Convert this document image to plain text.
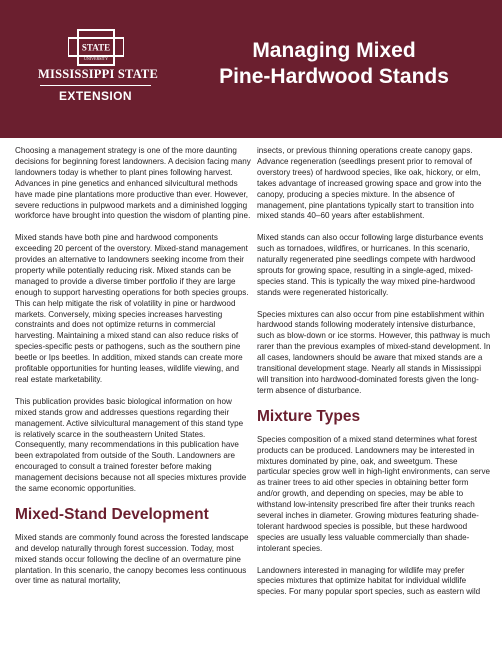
STATE
UNIVERSITY
MISSISSIPPI STATE
EXTENSION
Managing Mixed
Pine-Hardwood Stands

Choosing a management strategy is one of the more daunting decisions for beginning forest landowners. A decision facing many landowners today is whether to plant pines following harvest. Advances in pine genetics and enhanced silvicultural methods have made pine plantations more productive than ever. However, severe reductions in pulpwood markets and a diminished logging workforce have brought into question the wisdom of planting pine.

Mixed stands have both pine and hardwood components exceeding 20 percent of the overstory. Mixed-stand management provides an alternative to landowners seeking income from their property while potentially reducing risk. Mixed stands can be managed to provide a diverse timber portfolio if they are large enough to support harvesting operations for both species groups. This can help mitigate the risk of volatility in pine or hardwood markets. Conversely, mixing species increases harvesting constraints and does not optimize returns in commercial harvesting. Maintaining a mixed stand can also reduce risks of species-specific pests or pathogens, such as the southern pine beetle or Ips beetles. In addition, mixed stands can create more profitable opportunities for hunting leases, wildlife viewing, and real estate marketability.

This publication provides basic biological information on how mixed stands grow and addresses questions regarding their management. Active silvicultural management of this stand type is relatively scarce in the southeastern United States. Consequently, many recommendations in this publication have been extrapolated from outside of the South. Landowners are encouraged to consult a trained forester before making management decisions because not all species mixtures provide the same economic opportunities.

Mixed-Stand Development

Mixed stands are commonly found across the forested landscape and develop naturally through forest succession. Today, most mixed stands occur following the decline of an overmature pine plantation. In this scenario, the canopy becomes less continuous over time as natural mortality,

insects, or previous thinning operations create canopy gaps. Advance regeneration (seedlings present prior to removal of overstory trees) of hardwood species, like oak, hickory, or elm, takes advantage of increased growing space and grow into the canopy, producing a species mixture. In the absence of management, pine plantations typically start to transition into mixed stands 40–60 years after establishment.

Mixed stands can also occur following large disturbance events such as tornadoes, wildfires, or hurricanes. In this scenario, naturally regenerated pine seedlings compete with hardwood sprouts for growing space, resulting in a single-aged, mixed-species stand. This is typically the way mixed pine-hardwood stands were regenerated historically.

Species mixtures can also occur from pine establishment within hardwood stands following moderately intensive disturbance, such as blow-down or ice storms. However, this pathway is much rarer than the previous examples of mixed-stand development. In all cases, landowners should be aware that mixed stands are a transitional development stage. Nearly all stands in Mississippi will transition into hardwood-dominated forests given the long-term absence of disturbance.

Mixture Types

Species composition of a mixed stand determines what forest products can be produced. Landowners may be interested in mixtures dominated by pine, oak, and sweetgum. These particular species grow well in high-light environments, can serve as trainer trees to aid other species in obtaining better form and/or growth, and depending on species, may be able to withstand low-intensity prescribed fire after their trunks reach several inches in diameter. Growing mixtures featuring shade-tolerant hardwood species is possible, but these hardwood species are usually less valuable commercially than shade-intolerant species.

Landowners interested in managing for wildlife may prefer species mixtures that optimize habitat for individual wildlife species. For many popular sport species, such as eastern wild
